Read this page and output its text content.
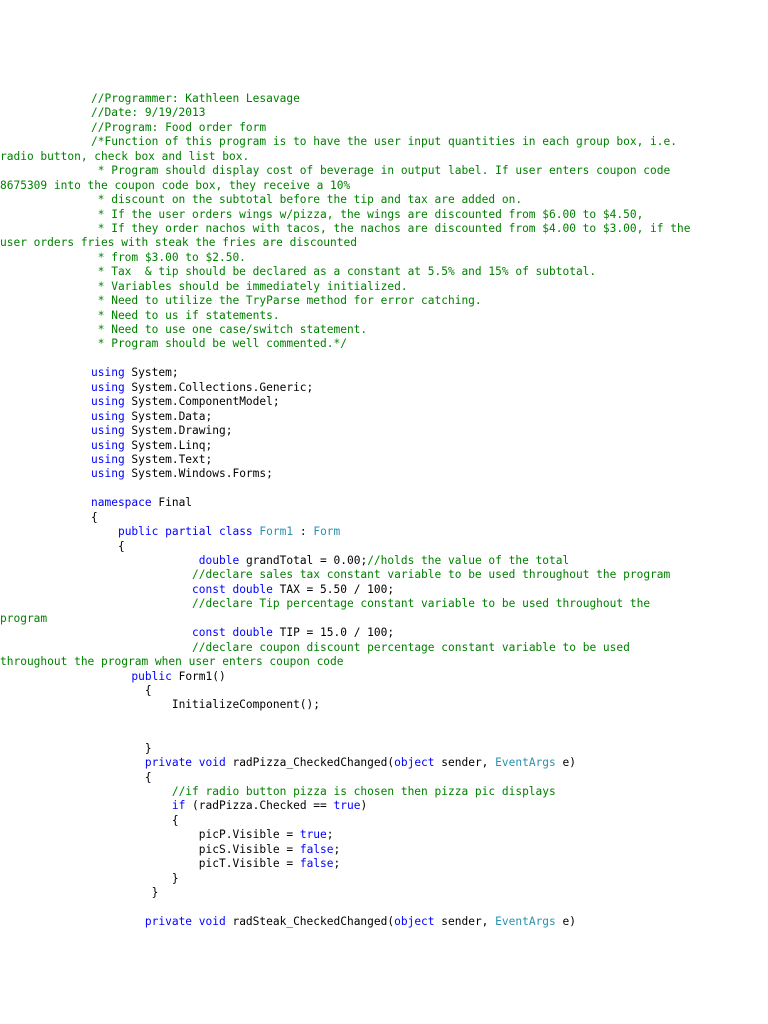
//Programmer: Kathleen Lesavage
//Date: 9/19/2013
//Program: Food order form
/*Function of this program is to have the user input quantities in each group box, i.e.
radio button, check box and list box.
* Program should display cost of beverage in output label. If user enters coupon code
8675309 into the coupon code box, they receive a 10%
* discount on the subtotal before the tip and tax are added on.
* If the user orders wings w/pizza, the wings are discounted from $6.00 to $4.50,
* If they order nachos with tacos, the nachos are discounted from $4.00 to $3.00, if the
user orders fries with steak the fries are discounted
* from $3.00 to $2.50.
* Tax  & tip should be declared as a constant at 5.5% and 15% of subtotal.
* Variables should be immediately initialized.
* Need to utilize the TryParse method for error catching.
* Need to us if statements.
* Need to use one case/switch statement.
* Program should be well commented.*/
using System;
using System.Collections.Generic;
using System.ComponentModel;
using System.Data;
using System.Drawing;
using System.Linq;
using System.Text;
using System.Windows.Forms;
namespace Final
{
public partial class Form1 : Form
{
double grandTotal = 0.00;//holds the value of the total
//declare sales tax constant variable to be used throughout the program
const double TAX = 5.50 / 100;
//declare Tip percentage constant variable to be used throughout the
program
const double TIP = 15.0 / 100;
//declare coupon discount percentage constant variable to be used
throughout the program when user enters coupon code
public Form1()
{
InitializeComponent();
}
private void radPizza_CheckedChanged(object sender, EventArgs e)
{
//if radio button pizza is chosen then pizza pic displays
if (radPizza.Checked == true)
{
picP.Visible = true;
picS.Visible = false;
picT.Visible = false;
}
}
private void radSteak_CheckedChanged(object sender, EventArgs e)
